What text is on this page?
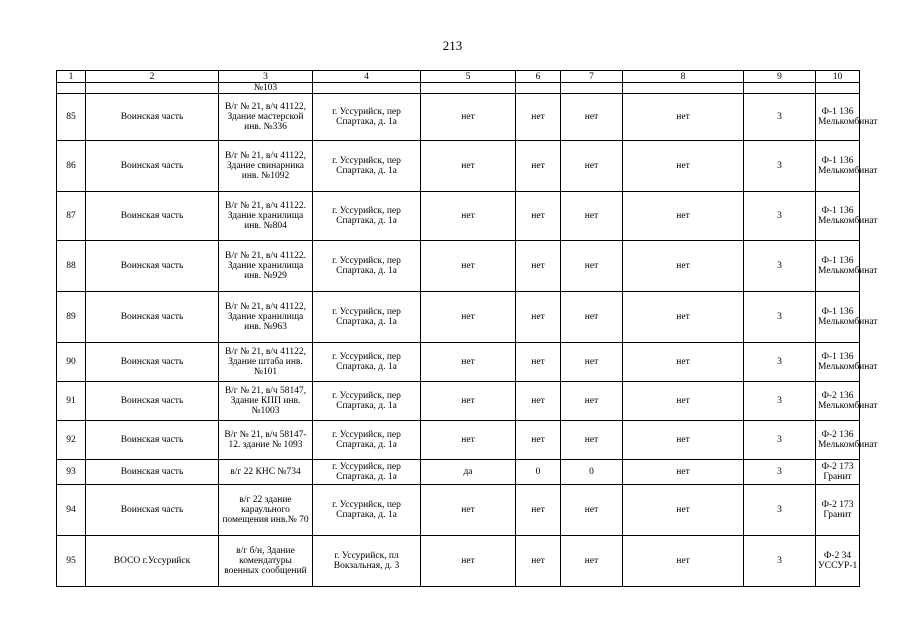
213
1	2	3	4	5	6	7	8	9	10
		№103							
85	Воинская часть	В/г № 21, в/ч 41122, Здание мастерской инв. №336	г. Уссурийск, пер Спартака, д. 1а	нет	нет	нет	нет	3	Ф-1 136 Мелькомбинат
86	Воинская часть	В/г № 21, в/ч 41122, Здание свинарника инв. №1092	г. Уссурийск, пер Спартака, д. 1а	нет	нет	нет	нет	3	Ф-1 136 Мелькомбинат
87	Воинская часть	В/г № 21, в/ч 41122. Здание хранилища инв. №804	г. Уссурийск, пер Спартака, д. 1а	нет	нет	нет	нет	3	Ф-1 136 Мелькомбинат
88	Воинская часть	В/г № 21, в/ч 41122. Здание хранилища инв. №929	г. Уссурийск, пер Спартака, д. 1а	нет	нет	нет	нет	3	Ф-1 136 Мелькомбинат
89	Воинская часть	В/г № 21, в/ч 41122, Здание хранилища инв. №963	г. Уссурийск, пер Спартака, д. 1а	нет	нет	нет	нет	3	Ф-1 136 Мелькомбинат
90	Воинская часть	В/г № 21, в/ч 41122, Здание штаба инв. №101	г. Уссурийск, пер Спартака, д. 1а	нет	нет	нет	нет	3	Ф-1 136 Мелькомбинат
91	Воинская часть	В/г № 21, в/ч 58147, Здание КПП инв. №1003	г. Уссурийск, пер Спартака, д. 1а	нет	нет	нет	нет	3	Ф-2 136 Мелькомбинат
92	Воинская часть	В/г № 21, в/ч 58147-12. здание № 1093	г. Уссурийск, пер Спартака, д. 1а	нет	нет	нет	нет	3	Ф-2 136 Мелькомбинат
93	Воинская часть	в/г 22 КНС №734	г. Уссурийск, пер Спартака, д. 1а	да	0	0	нет	3	Ф-2 173 Гранит
94	Воинская часть	в/г 22 здание караульного помещения инв.№ 70	г. Уссурийск, пер Спартака, д. 1а	нет	нет	нет	нет	3	Ф-2 173 Гранит
95	ВОСО г.Уссурийск	в/г б/н, Здание комендатуры военных сообщений	г. Уссурийск, пл Вокзальная, д. 3	нет	нет	нет	нет	3	Ф-2 34 УССУР-1
